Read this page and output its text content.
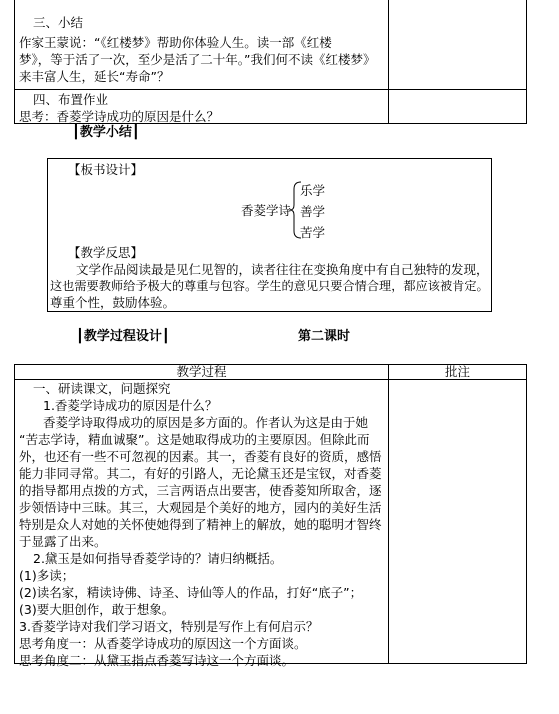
三、小结

作家王蒙说：“《红楼梦》帮助你体验人生。读一部《红楼

梦》，等于活了一次，至少是活了二十年。”我们何不读《红楼梦》

来丰富人生，延长“寿命”？

四、布置作业

思考：香菱学诗成功的原因是什么？

┃教学小结┃

【板书设计】

香菱学诗

乐学

善学

苦学

【教学反思】

文学作品阅读最是见仁见智的，读者往往在变换角度中有自己独特的发现，

这也需要教师给予极大的尊重与包容。学生的意见只要合情合理，都应该被肯定。

尊重个性，鼓励体验。

┃教学过程设计┃	第二课时

教学过程	批注

一、研读课文，问题探究

1.香菱学诗成功的原因是什么？

香菱学诗取得成功的原因是多方面的。作者认为这是由于她

“苦志学诗，精血诚聚”。这是她取得成功的主要原因。但除此而

外，也还有一些不可忽视的因素。其一，香菱有良好的资质，感悟

能力非同寻常。其二，有好的引路人，无论黛玉还是宝钗，对香菱

的指导都用点拨的方式，三言两语点出要害，使香菱知所取舍，逐

步领悟诗中三昧。其三，大观园是个美好的地方，园内的美好生活

特别是众人对她的关怀使她得到了精神上的解放，她的聪明才智终

于显露了出来。

2.黛玉是如何指导香菱学诗的？请归纳概括。

(1)多读；

(2)读名家，精读诗佛、诗圣、诗仙等人的作品，打好“底子”；

(3)要大胆创作，敢于想象。

3.香菱学诗对我们学习语文，特别是写作上有何启示？

思考角度一：从香菱学诗成功的原因这一个方面谈。

思考角度二：从黛玉指点香菱写诗这一个方面谈。
